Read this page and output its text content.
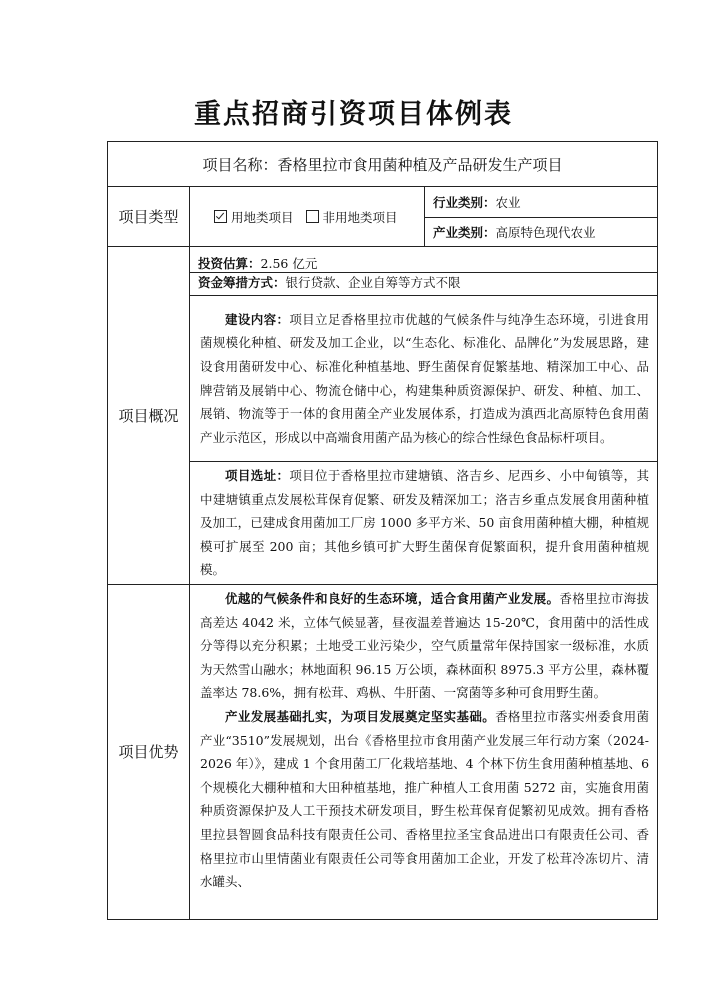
重点招商引资项目体例表
项目名称：香格里拉市食用菌种植及产品研发生产项目		
项目类型	用地类项目 非用地类项目	行业类别：农业
		产业类别：高原特色现代农业
项目概况	投资估算：2.56 亿元	
	资金筹措方式：银行贷款、企业自筹等方式不限	

	建设内容：项目立足香格里拉市优越的气候条件与纯净生态环境，引进食用菌规模化种植、研发及加工企业，以“生态化、标准化、品牌化”为发展思路，建设食用菌研发中心、标准化种植基地、野生菌保育促繁基地、精深加工中心、品牌营销及展销中心、物流仓储中心，构建集种质资源保护、研发、种植、加工、展销、物流等于一体的食用菌全产业发展体系，打造成为滇西北高原特色食用菌产业示范区，形成以中高端食用菌产品为核心的综合性绿色食品标杆项目。	

	项目选址：项目位于香格里拉市建塘镇、洛吉乡、尼西乡、小中甸镇等，其中建塘镇重点发展松茸保育促繁、研发及精深加工；洛吉乡重点发展食用菌种植及加工，已建成食用菌加工厂房 1000 多平方米、50 亩食用菌种植大棚，种植规模可扩展至 200 亩；其他乡镇可扩大野生菌保育促繁面积，提升食用菌种植规模。	

项目优势	优越的气候条件和良好的生态环境，适合食用菌产业发展。香格里拉市海拔高差达 4042 米，立体气候显著，昼夜温差普遍达 15-20℃，食用菌中的活性成分等得以充分积累；土地受工业污染少，空气质量常年保持国家一级标准，水质为天然雪山融水；林地面积 96.15 万公顷，森林面积 8975.3 平方公里，森林覆盖率达 78.6%，拥有松茸、鸡枞、牛肝菌、一窝菌等多种可食用野生菌。
产业发展基础扎实，为项目发展奠定坚实基础。香格里拉市落实州委食用菌产业“3510”发展规划，出台《香格里拉市食用菌产业发展三年行动方案（2024-2026 年）》，建成 1 个食用菌工厂化栽培基地、4 个林下仿生食用菌种植基地、6 个规模化大棚种植和大田种植基地，推广种植人工食用菌 5272 亩，实施食用菌种质资源保护及人工干预技术研发项目，野生松茸保育促繁初见成效。拥有香格里拉县智圆食品科技有限责任公司、香格里拉圣宝食品进出口有限责任公司、香格里拉市山里情菌业有限责任公司等食用菌加工企业，开发了松茸冷冻切片、清水罐头、	
